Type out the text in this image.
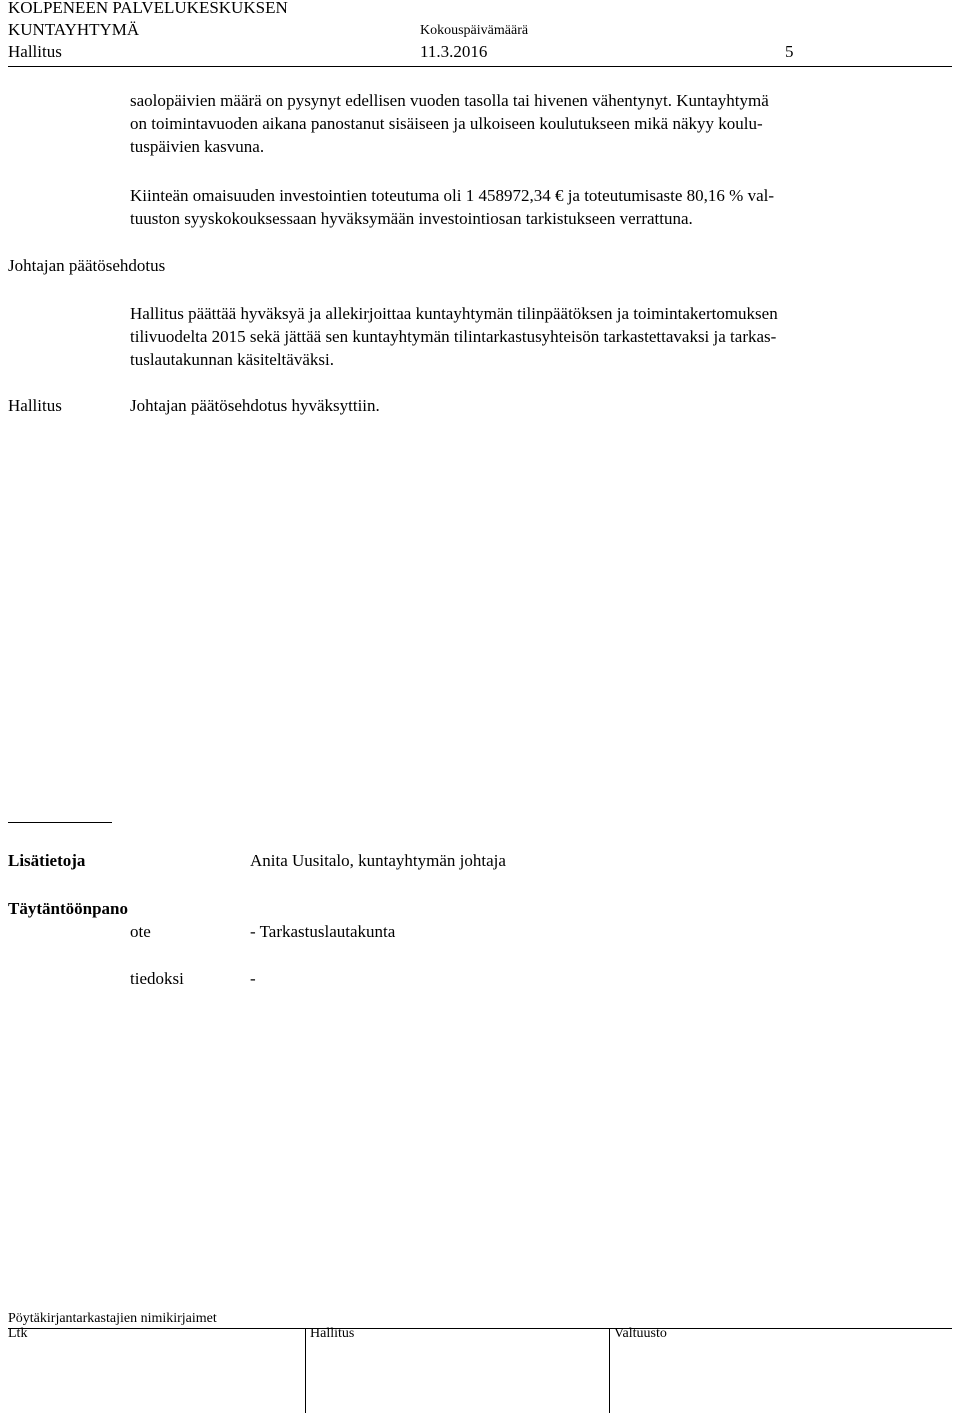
KOLPENEEN PALVELUKESKUKSEN
KUNTAYHTYMÄ	Kokouspäivämäärä
Hallitus	11.3.2016	5
saolopäivien määrä on pysynyt edellisen vuoden tasolla tai hivenen vähentynyt. Kuntayhtymä
on toimintavuoden aikana panostanut sisäiseen ja ulkoiseen koulutukseen mikä näkyy koulu-
tuspäivien kasvuna.
Kiinteän omaisuuden investointien toteutuma oli 1 458972,34 € ja toteutumisaste 80,16 % val-
tuuston syyskokouksessaan hyväksymään investointiosan tarkistukseen verrattuna.
Johtajan päätösehdotus
Hallitus päättää hyväksyä ja allekirjoittaa kuntayhtymän tilinpäätöksen ja toimintakertomuksen
tilivuodelta 2015 sekä jättää sen kuntayhtymän tilintarkastusyhteisön tarkastettavaksi ja tarkas-
tuslautakunnan käsiteltäväksi.
Hallitus	Johtajan päätösehdotus hyväksyttiin.
Lisätietoja	Anita Uusitalo, kuntayhtymän johtaja
Täytäntöönpano
ote	- Tarkastuslautakunta
tiedoksi	-
Pöytäkirjantarkastajien nimikirjaimet
Ltk	Hallitus	Valtuusto
